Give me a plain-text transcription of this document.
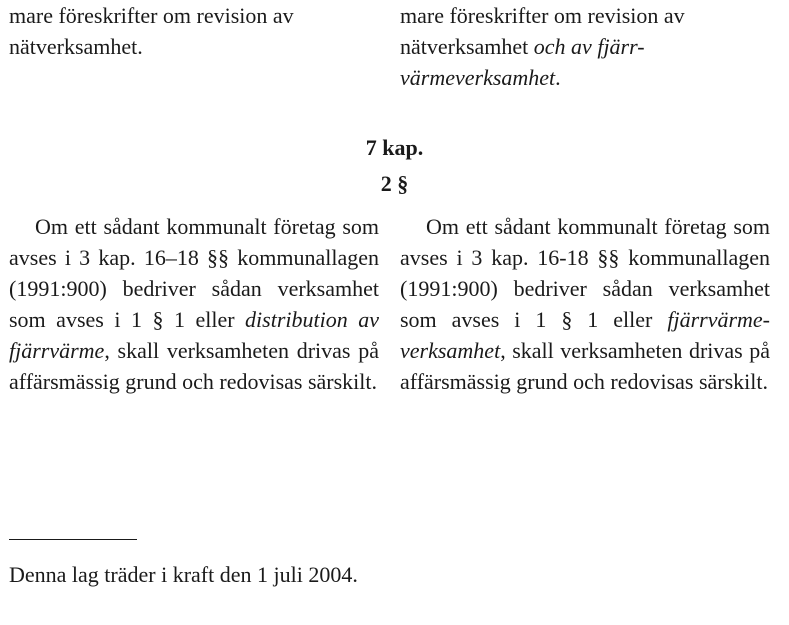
mare föreskrifter om revision av
nätverksamhet.
mare föreskrifter om revision av
nätverksamhet och av fjärr-
värmeverksamhet.
7 kap.
2 §

Om ett sådant kommunalt företag som avses i 3 kap. 16–18 §§ kommunallagen (1991:900) bedriver sådan verksamhet som avses i 1 § 1 eller distribution av fjärrvärme, skall verksamheten drivas på affärsmässig grund och redovisas särskilt.

Om ett sådant kommunalt företag som avses i 3 kap. 16-18 §§ kommunallagen (1991:900) bedriver sådan verksamhet som avses i 1 § 1 eller fjärrvärme-verksamhet, skall verksamheten drivas på affärsmässig grund och redovisas särskilt.

Denna lag träder i kraft den 1 juli 2004.
